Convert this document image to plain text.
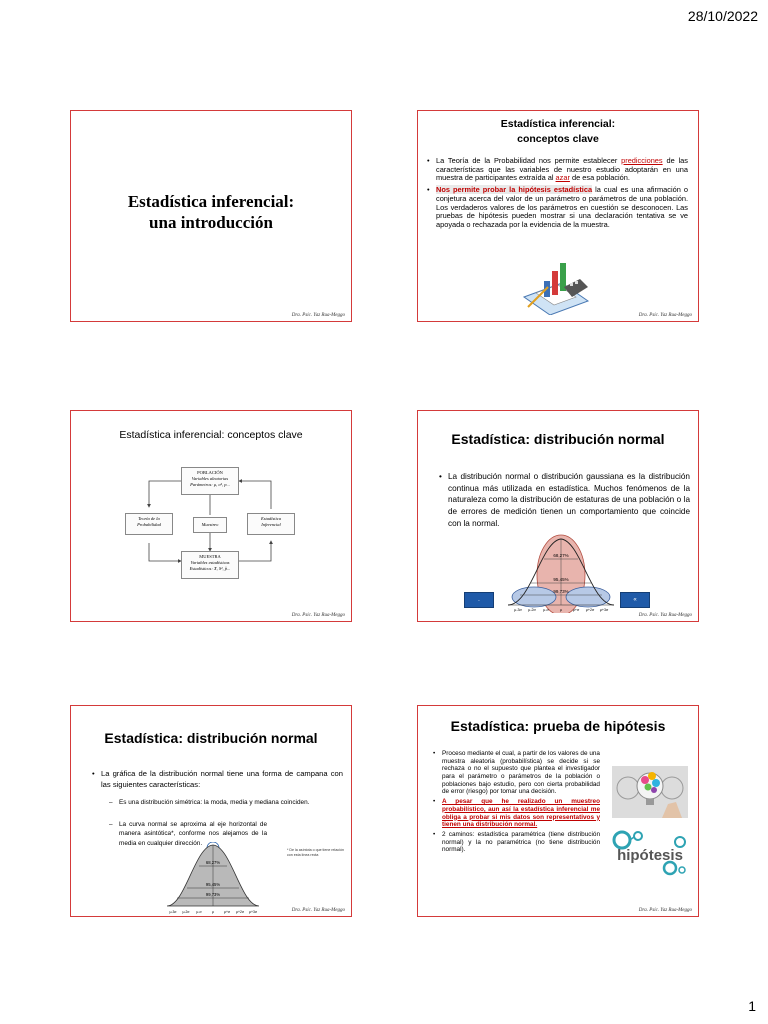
28/10/2022
Estadística inferencial:
una introducción
Dra. Psic. Yaz Rua-Meggo
Estadística inferencial:
conceptos clave
• La Teoría de la Probabilidad nos permite establecer predicciones de las características que las variables de nuestro estudio adoptarán en una muestra de participantes extraída al azar de esa población.
• Nos permite probar la hipótesis estadística la cual es una afirmación o conjetura acerca del valor de un parámetro o parámetros de una población. Los verdaderos valores de los parámetros en cuestión se desconocen. Las pruebas de hipótesis pueden mostrar si una declaración tentativa se ve apoyada o rechazada por la evidencia de la muestra.
Dra. Psic. Yaz Rua-Meggo
Estadística inferencial: conceptos clave
POBLACIÓN
Variables aleatorias
Parámetros: μ, σ², p...
Teoría de la
Probabilidad	Muestreo
Estadística
Inferencial
MUESTRA
Variables estadísticas
Estadísticos: X̄, S², p̂...
Dra. Psic. Yaz Rua-Meggo
Estadística: distribución normal
• La distribución normal o distribución gaussiana es la distribución continua más utilizada en estadística. Muchos fenómenos de la naturaleza como la distribución de estaturas de una población o la de errores de medición tienen un comportamiento que coincide con la normal.
.	«
68,27%
95,45%
99,73%
μ-3σ μ-2σ μ-σ	μ	μ+σ μ+2σ μ+3σ
Dra. Psic. Yaz Rua-Meggo
Estadística: distribución normal
• La gráfica de la distribución normal tiene una forma de campana con las siguientes características:
– Es una distribución simétrica: la moda, media y mediana coinciden.
– La curva normal se aproxima al eje horizontal de manera asintótica*, conforme nos alejamos de la media en cualquier dirección.
* De la asíntota o que tiene relación con esta línea recta
68,27%
95,45%
99,73%
μ-3σ μ-2σ μ-σ	μ	μ+σ μ+2σ μ+3σ	Dra. Psic. Yaz Rua-Meggo
Estadística: prueba de hipótesis
• Proceso mediante el cual, a partir de los valores de una muestra aleatoria (probabilística) se decide si se rechaza o no el supuesto que plantea el investigador para el parámetro o parámetros de la población o poblaciones bajo estudio, pero con cierta probabilidad de error (riesgo) por tomar una decisión.
• A pesar que he realizado un muestreo probabilístico, aun así la estadística inferencial me obliga a probar si mis datos son representativos y tienen una distribución normal.
• 2 caminos: estadística paramétrica (tiene distribución normal) y la no paramétrica (no tiene distribución normal).	hipótesis
Dra. Psic. Yaz Rua-Meggo
1
